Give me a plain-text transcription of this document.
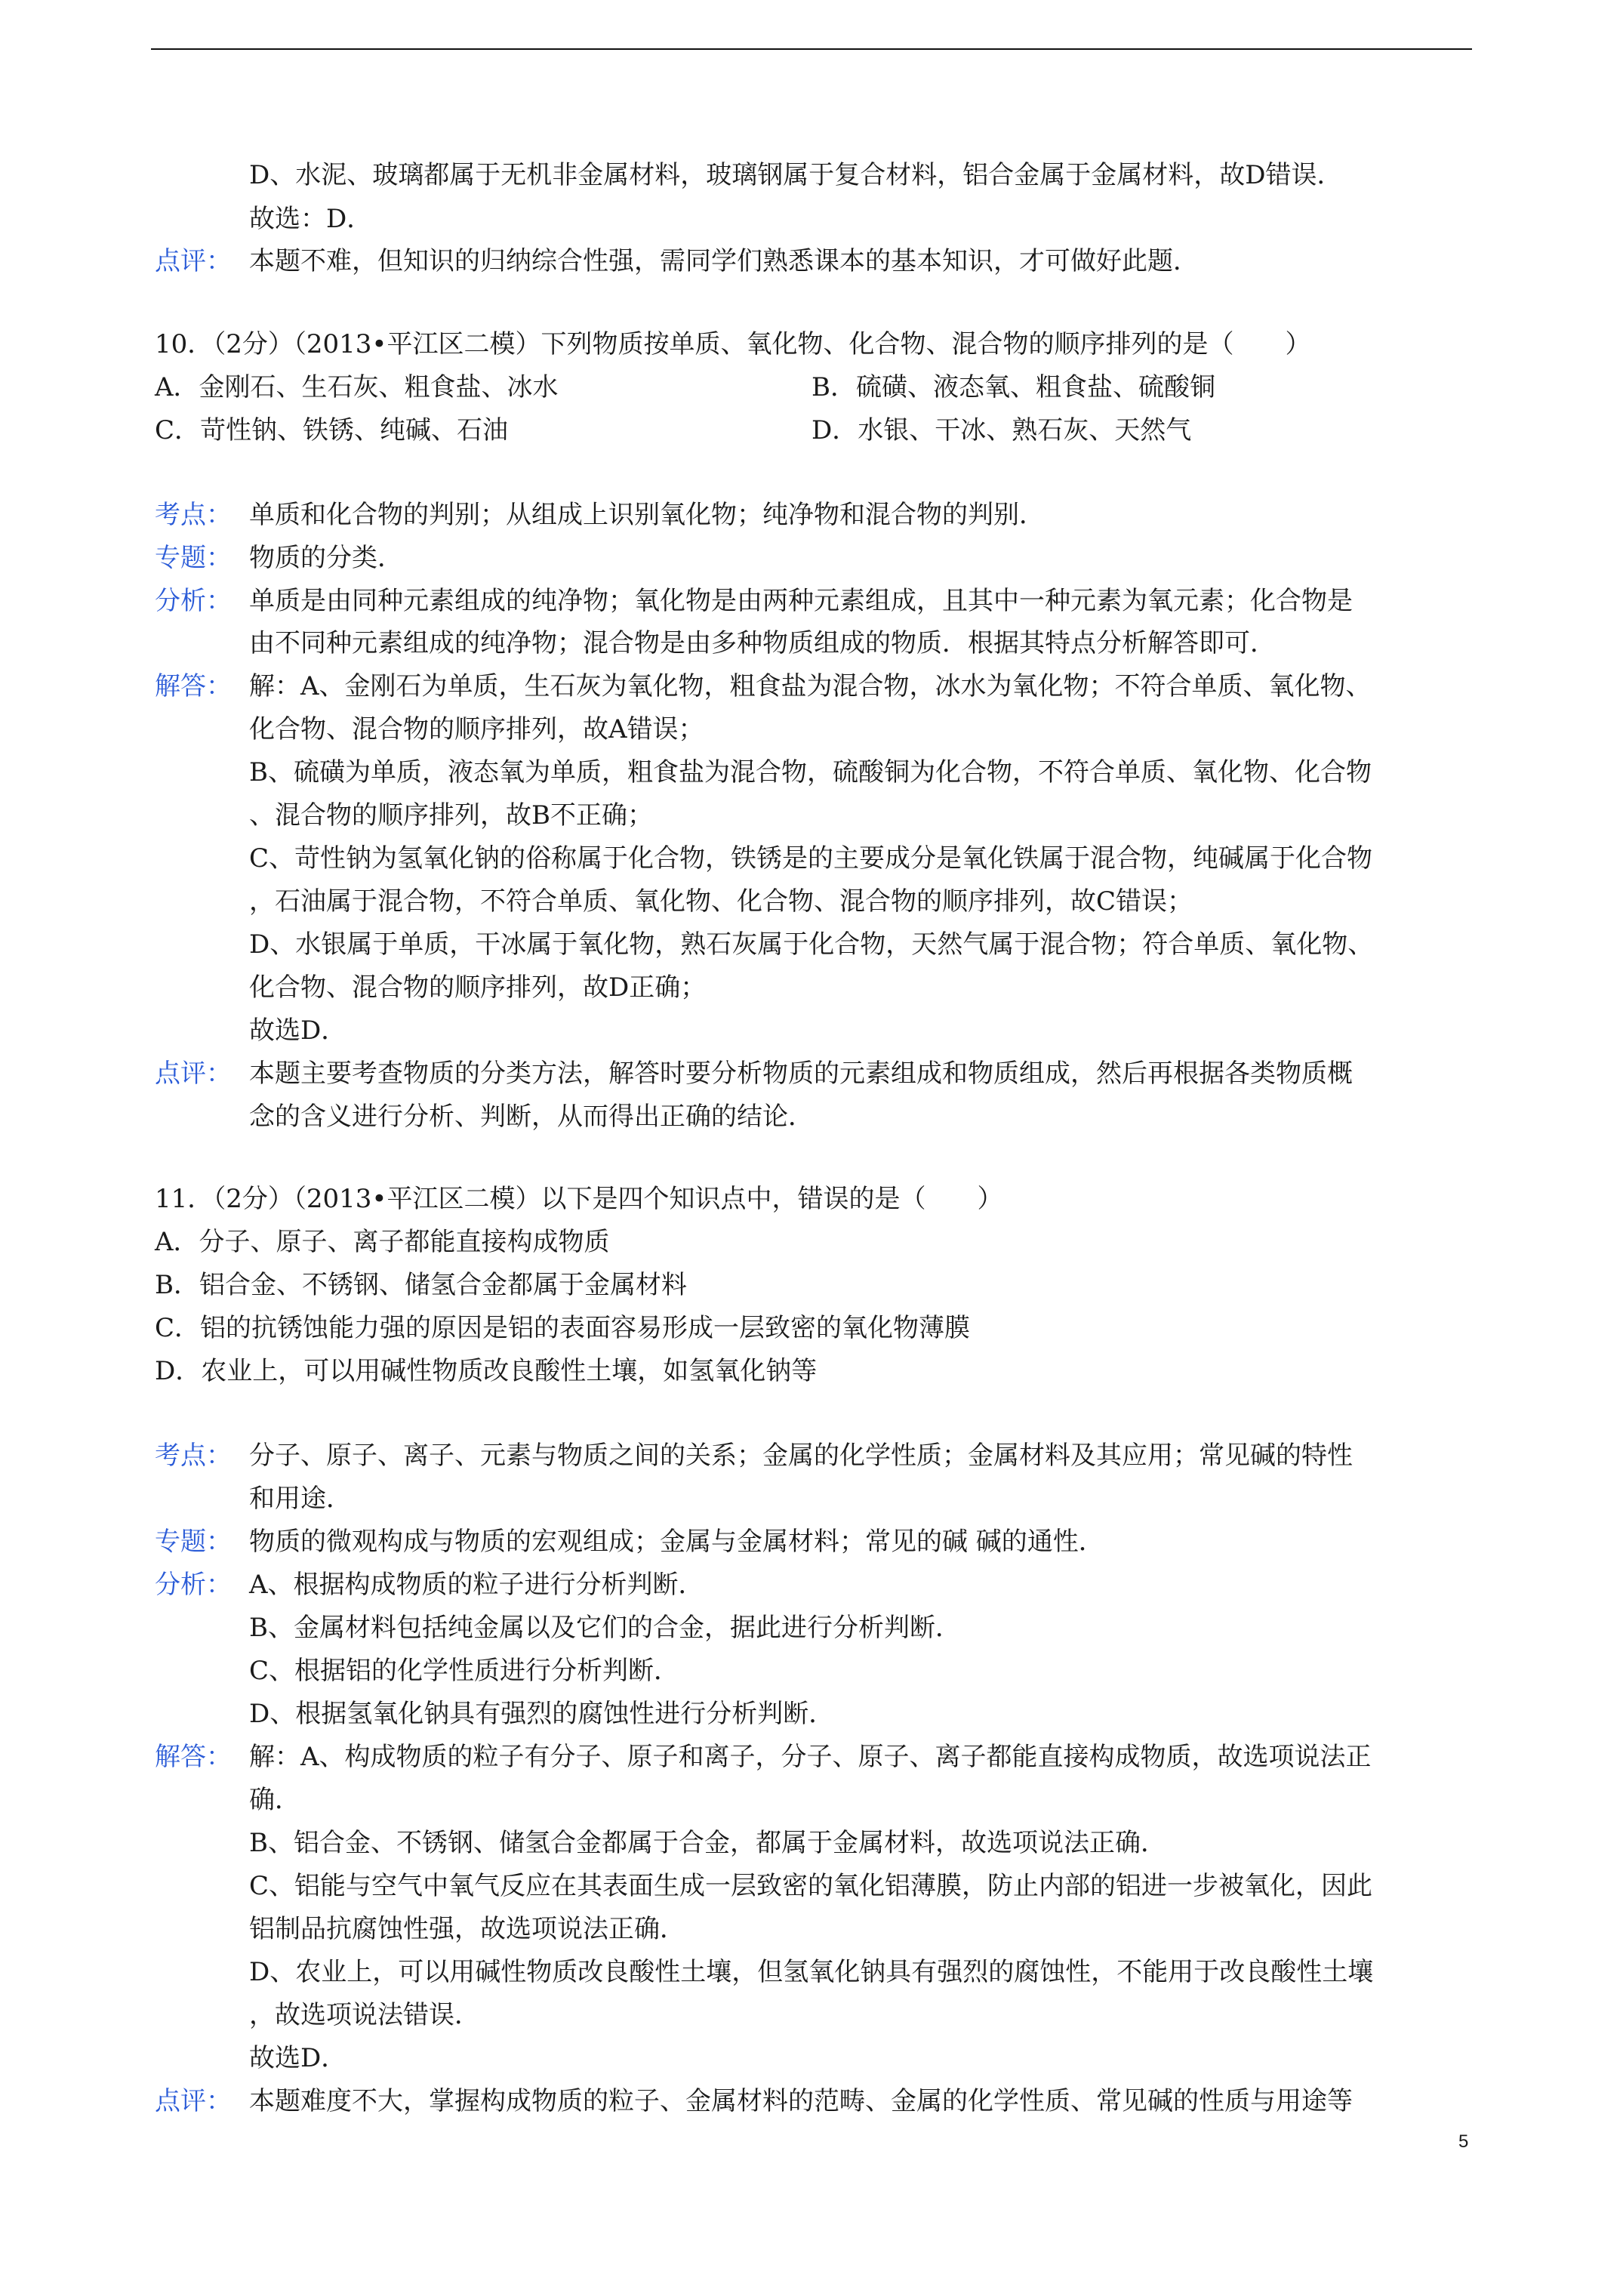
D、水泥、玻璃都属于无机非金属材料，玻璃钢属于复合材料，铝合金属于金属材料，故D错误．
故选：D．
点评： 本题不难，但知识的归纳综合性强，需同学们熟悉课本的基本知识，才可做好此题．
10．（2分）（2013•平江区二模）下列物质按单质、氧化物、化合物、混合物的顺序排列的是（　　）
A．金刚石、生石灰、粗食盐、冰水	B．硫磺、液态氧、粗食盐、硫酸铜
C．苛性钠、铁锈、纯碱、石油	D．水银、干冰、熟石灰、天然气
考点： 单质和化合物的判别；从组成上识别氧化物；纯净物和混合物的判别．
专题： 物质的分类．
分析： 单质是由同种元素组成的纯净物；氧化物是由两种元素组成，且其中一种元素为氧元素；化合物是
由不同种元素组成的纯净物；混合物是由多种物质组成的物质．根据其特点分析解答即可．
解答： 解：A、金刚石为单质，生石灰为氧化物，粗食盐为混合物，冰水为氧化物；不符合单质、氧化物、
化合物、混合物的顺序排列，故A错误；
B、硫磺为单质，液态氧为单质，粗食盐为混合物，硫酸铜为化合物，不符合单质、氧化物、化合物
、混合物的顺序排列，故B不正确；
C、苛性钠为氢氧化钠的俗称属于化合物，铁锈是的主要成分是氧化铁属于混合物，纯碱属于化合物
，石油属于混合物，不符合单质、氧化物、化合物、混合物的顺序排列，故C错误；
D、水银属于单质，干冰属于氧化物，熟石灰属于化合物，天然气属于混合物；符合单质、氧化物、
化合物、混合物的顺序排列，故D正确；
故选D．
点评： 本题主要考查物质的分类方法，解答时要分析物质的元素组成和物质组成，然后再根据各类物质概
念的含义进行分析、判断，从而得出正确的结论．
11．（2分）（2013•平江区二模）以下是四个知识点中，错误的是（　　）
A．分子、原子、离子都能直接构成物质
B．铝合金、不锈钢、储氢合金都属于金属材料
C．铝的抗锈蚀能力强的原因是铝的表面容易形成一层致密的氧化物薄膜
D．农业上，可以用碱性物质改良酸性土壤，如氢氧化钠等
考点： 分子、原子、离子、元素与物质之间的关系；金属的化学性质；金属材料及其应用；常见碱的特性
和用途．
专题： 物质的微观构成与物质的宏观组成；金属与金属材料；常见的碱 碱的通性．
分析： A、根据构成物质的粒子进行分析判断．
B、金属材料包括纯金属以及它们的合金，据此进行分析判断．
C、根据铝的化学性质进行分析判断．
D、根据氢氧化钠具有强烈的腐蚀性进行分析判断．
解答： 解：A、构成物质的粒子有分子、原子和离子，分子、原子、离子都能直接构成物质，故选项说法正
确．
B、铝合金、不锈钢、储氢合金都属于合金，都属于金属材料，故选项说法正确．
C、铝能与空气中氧气反应在其表面生成一层致密的氧化铝薄膜，防止内部的铝进一步被氧化，因此
铝制品抗腐蚀性强，故选项说法正确．
D、农业上，可以用碱性物质改良酸性土壤，但氢氧化钠具有强烈的腐蚀性，不能用于改良酸性土壤
，故选项说法错误．
故选D．
点评： 本题难度不大，掌握构成物质的粒子、金属材料的范畴、金属的化学性质、常见碱的性质与用途等
5
